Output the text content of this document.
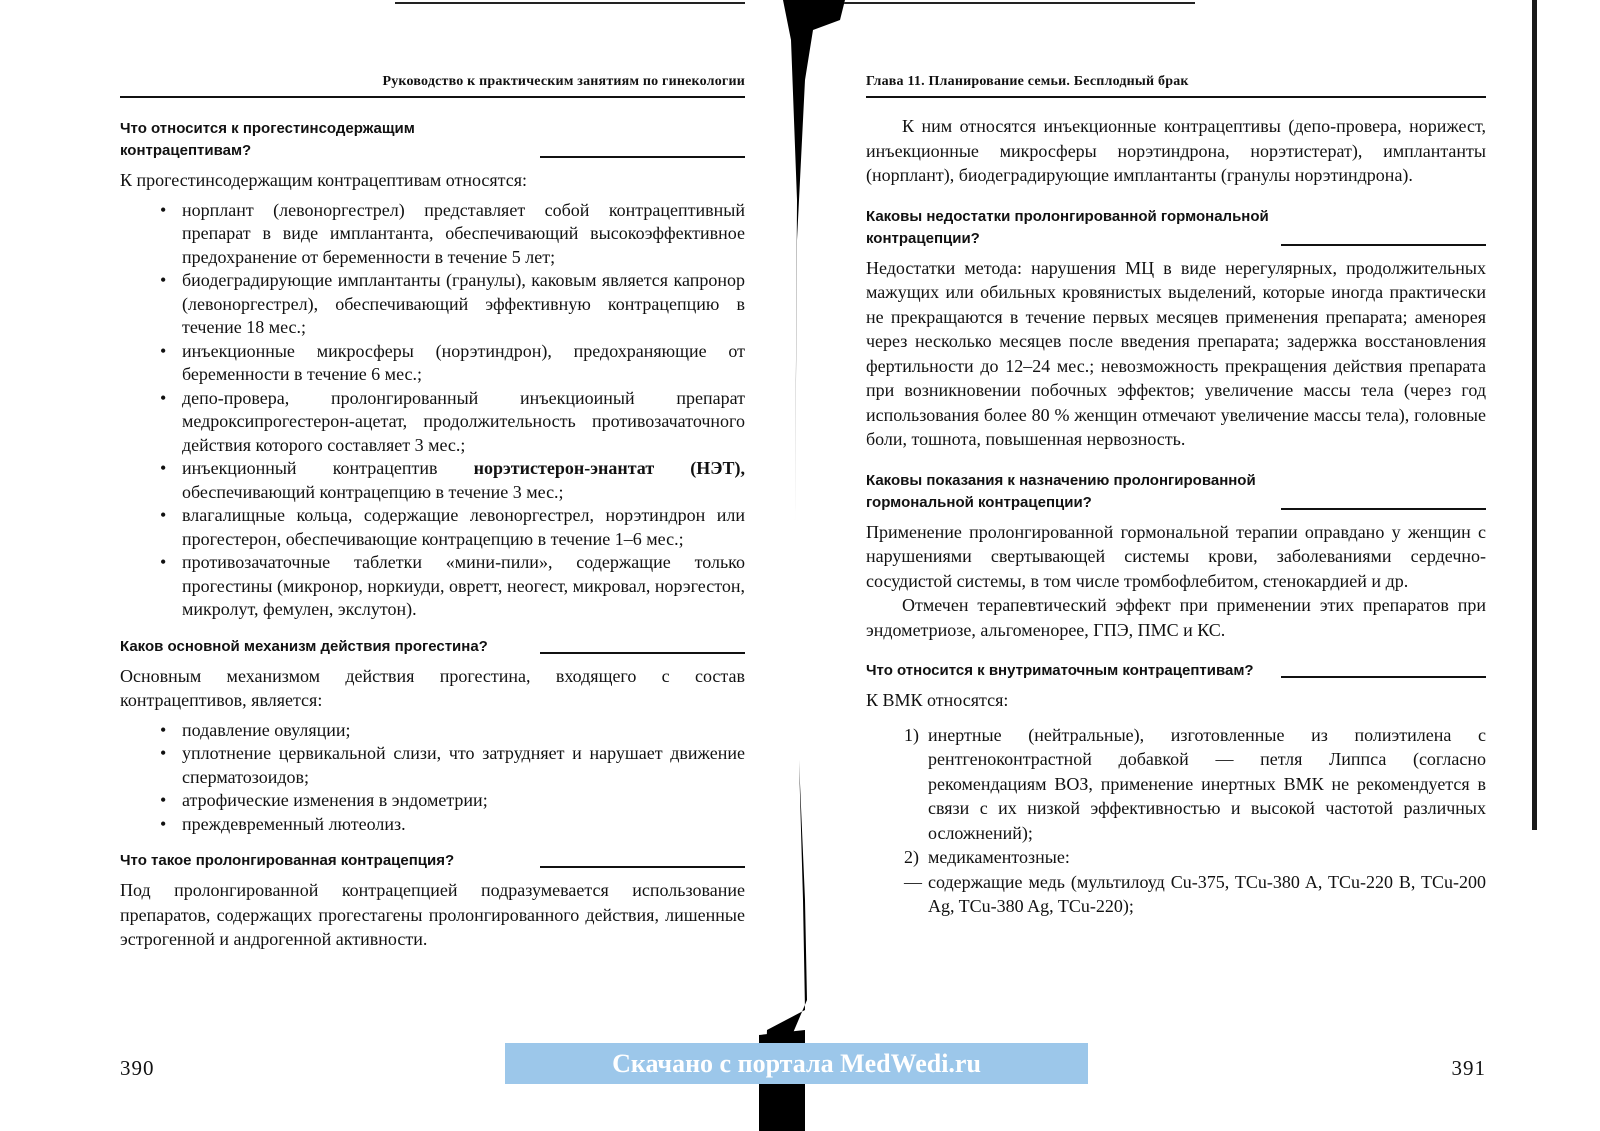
Руководство к практическим занятиям по гинекологии
Что относится к прогестинсодержащим контрацептивам?

К прогестинсодержащим контрацептивам относятся:

• норплант (левоноргестрел) представляет собой контрацептивный препарат в виде имплантанта, обеспечивающий высокоэффективное предохранение от беременности в течение 5 лет;
• биодеградирующие имплантанты (гранулы), каковым является капронор (левоноргестрел), обеспечивающий эффективную контрацепцию в течение 18 мес.;
• инъекционные микросферы (норэтиндрон), предохраняющие от беременности в течение 6 мес.;
• депо-провера, пролонгированный инъекциоиный препарат медроксипрогестерон-ацетат, продолжительность противозачаточного действия которого составляет 3 мес.;
• инъекционный контрацептив норэтистерон-энантат (НЭТ), обеспечивающий контрацепцию в течение 3 мес.;
• влагалищные кольца, содержащие левоноргестрел, норэтиндрон или прогестерон, обеспечивающие контрацепцию в течение 1–6 мес.;
• противозачаточные таблетки «мини-пили», содержащие только прогестины (микронор, норкиуди, овретт, неогест, микровал, норэгестон, микролут, фемулен, экслутон).
Каков основной механизм действия прогестина?

Основным механизмом действия прогестина, входящего с состав контрацептивов, является:

• подавление овуляции;
• уплотнение цервикальной слизи, что затрудняет и нарушает движение сперматозоидов;
• атрофические изменения в эндометрии;
• преждевременный лютеолиз.
Что такое пролонгированная контрацепция?

Под пролонгированной контрацепцией подразумевается использование препаратов, содержащих прогестагены пролонгированного действия, лишенные эстрогенной и андрогенной активности.

390
Глава 11. Планирование семьи. Бесплодный брак

К ним относятся инъекционные контрацептивы (депо-провера, норижест, инъекционные микросферы норэтиндрона, норэтистерат), имплантанты (норплант), биодеградирующие имплантанты (гранулы норэтиндрона).

Каковы недостатки пролонгированной гормональной контрацепции?

Недостатки метода: нарушения МЦ в виде нерегулярных, продолжительных мажущих или обильных кровянистых выделений, которые иногда практически не прекращаются в течение первых месяцев применения препарата; аменорея через несколько месяцев после введения препарата; задержка восстановления фертильности до 12–24 мес.; невозможность прекращения действия препарата при возникновении побочных эффектов; увеличение массы тела (через год использования более 80 % женщин отмечают увеличение массы тела), головные боли, тошнота, повышенная нервозность.

Каковы показания к назначению пролонгированной гормональной контрацепции?

Применение пролонгированной гормональной терапии оправдано у женщин с нарушениями свертывающей системы крови, заболеваниями сердечно-сосудистой системы, в том числе тромбофлебитом, стенокардией и др.

Отмечен терапевтический эффект при применении этих препаратов при эндометриозе, альгоменорее, ГПЭ, ПМС и КС.

Что относится к внутриматочным контрацептивам?

К ВМК относятся:

1) инертные (нейтральные), изготовленные из полиэтилена с рентгеноконтрастной добавкой — петля Липпса (согласно рекомендациям ВОЗ, применение инертных ВМК не рекомендуется в связи с их низкой эффективностью и высокой частотой различных осложнений);
2) медикаментозные:
— содержащие медь (мультилоуд Cu-375, TCu-380 A, TCu-220 B, TCu-200 Ag, TCu-380 Ag, TCu-220);
391
Скачано с портала MedWedi.ru
